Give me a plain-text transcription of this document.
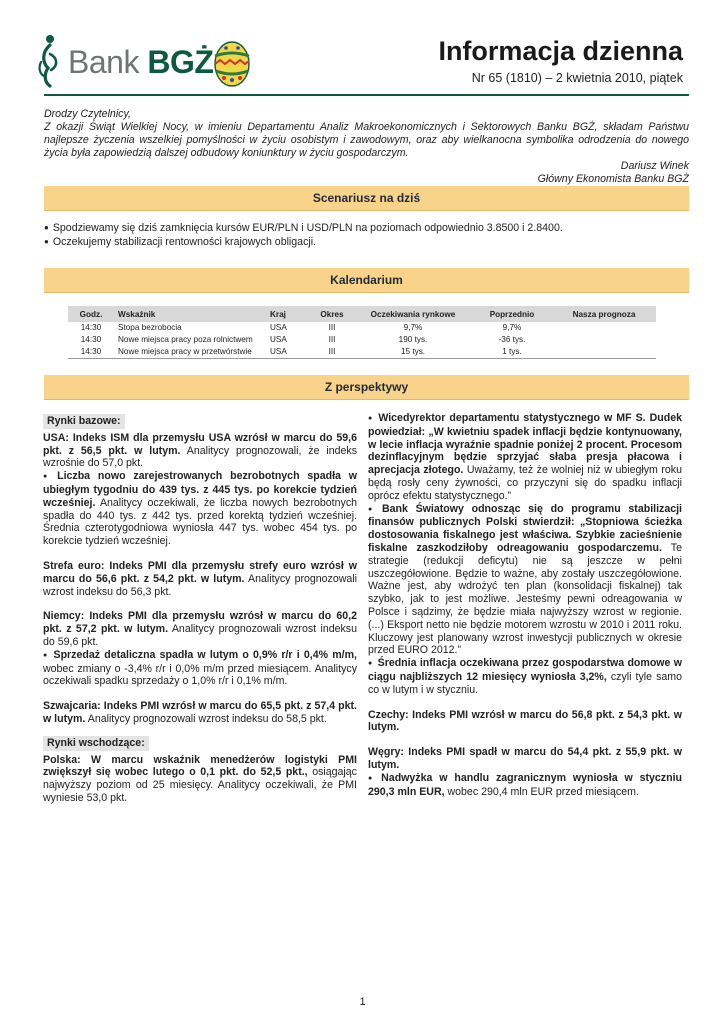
Bank BGŻ	Informacja dzienna
Nr 65 (1810) – 2 kwietnia 2010, piątek

Drodzy Czytelnicy,

Z okazji Świąt Wielkiej Nocy, w imieniu Departamentu Analiz Makroekonomicznych i Sektorowych Banku BGŻ, składam Państwu najlepsze życzenia wszelkiej pomyślności w życiu osobistym i zawodowym, oraz aby wielkanocna symbolika odrodzenia do nowego życia była zapowiedzią dalszej odbudowy koniunktury w życiu gospodarczym.

Dariusz Winek

Główny Ekonomista Banku BGŻ

Scenariusz na dziś
● Spodziewamy się dziś zamknięcia kursów EUR/PLN i USD/PLN na poziomach odpowiednio 3.8500 i 2.8400.
● Oczekujemy stabilizacji rentowności krajowych obligacji.
Kalendarium
Godz.	Wskaźnik	Kraj	Okres	Oczekiwania rynkowe	Poprzednio	Nasza prognoza
14:30	Stopa bezrobocia	USA	III	9,7%	9,7%	
14:30	Nowe miejsca pracy poza rolnictwem	USA	III	190 tys.	-36 tys.	
14:30	Nowe miejsca pracy w przetwórstwie	USA	III	15 tys.	1 tys.	
Z perspektywy
Rynki bazowe:

USA: Indeks ISM dla przemysłu USA wzrósł w marcu do 59,6 pkt. z 56,5 pkt. w lutym. Analitycy prognozowali, że indeks wzrośnie do 57,0 pkt.

● Liczba nowo zarejestrowanych bezrobotnych spadła w ubiegłym tygodniu do 439 tys. z 445 tys. po korekcie tydzień wcześniej. Analitycy oczekiwali, że liczba nowych bezrobotnych spadła do 440 tys. z 442 tys. przed korektą tydzień wcześniej. Średnia czterotygodniowa wyniosła 447 tys. wobec 454 tys. po korekcie tydzień wcześniej.

Strefa euro: Indeks PMI dla przemysłu strefy euro wzrósł w marcu do 56,6 pkt. z 54,2 pkt. w lutym. Analitycy prognozowali wzrost indeksu do 56,3 pkt.

Niemcy: Indeks PMI dla przemysłu wzrósł w marcu do 60,2 pkt. z 57,2 pkt. w lutym. Analitycy prognozowali wzrost indeksu do 59,6 pkt.

● Sprzedaż detaliczna spadła w lutym o 0,9% r/r i 0,4% m/m, wobec zmiany o -3,4% r/r i 0,0% m/m przed miesiącem. Analitycy oczekiwali spadku sprzedaży o 1,0% r/r i 0,1% m/m.

Szwajcaria: Indeks PMI wzrósł w marcu do 65,5 pkt. z 57,4 pkt. w lutym. Analitycy prognozowali wzrost indeksu do 58,5 pkt.

Rynki wschodzące:

Polska: W marcu wskaźnik menedżerów logistyki PMI zwiększył się wobec lutego o 0,1 pkt. do 52,5 pkt., osiągając najwyższy poziom od 25 miesięcy. Analitycy oczekiwali, że PMI wyniesie 53,0 pkt.

● Wicedyrektor departamentu statystycznego w MF S. Dudek powiedział: „W kwietniu spadek inflacji będzie kontynuowany, w lecie inflacja wyraźnie spadnie poniżej 2 procent. Procesom dezinflacyjnym będzie sprzyjać słaba presja płacowa i aprecjacja złotego. Uważamy, też że wolniej niż w ubiegłym roku będą rosły ceny żywności, co przyczyni się do spadku inflacji oprócz efektu statystycznego.”

● Bank Światowy odnosząc się do programu stabilizacji finansów publicznych Polski stwierdził: „Stopniowa ścieżka dostosowania fiskalnego jest właściwa. Szybkie zacieśnienie fiskalne zaszkodziłoby odreagowaniu gospodarczemu. Te strategie (redukcji deficytu) nie są jeszcze w pełni uszczegółowione. Będzie to ważne, aby zostały uszczegółowione. Ważne jest, aby wdrożyć ten plan (konsolidacji fiskalnej) tak szybko, jak to jest możliwe. Jesteśmy pewni odreagowania w Polsce i sądzimy, że będzie miała najwyższy wzrost w regionie. (...) Eksport netto nie będzie motorem wzrostu w 2010 i 2011 roku. Kluczowy jest planowany wzrost inwestycji publicznych w okresie przed EURO 2012.”

● Średnia inflacja oczekiwana przez gospodarstwa domowe w ciągu najbliższych 12 miesięcy wyniosła 3,2%, czyli tyle samo co w lutym i w styczniu.

Czechy: Indeks PMI wzrósł w marcu do 56,8 pkt. z 54,3 pkt. w lutym.

Węgry: Indeks PMI spadł w marcu do 54,4 pkt. z 55,9 pkt. w lutym.

● Nadwyżka w handlu zagranicznym wyniosła w styczniu 290,3 mln EUR, wobec 290,4 mln EUR przed miesiącem.

1
